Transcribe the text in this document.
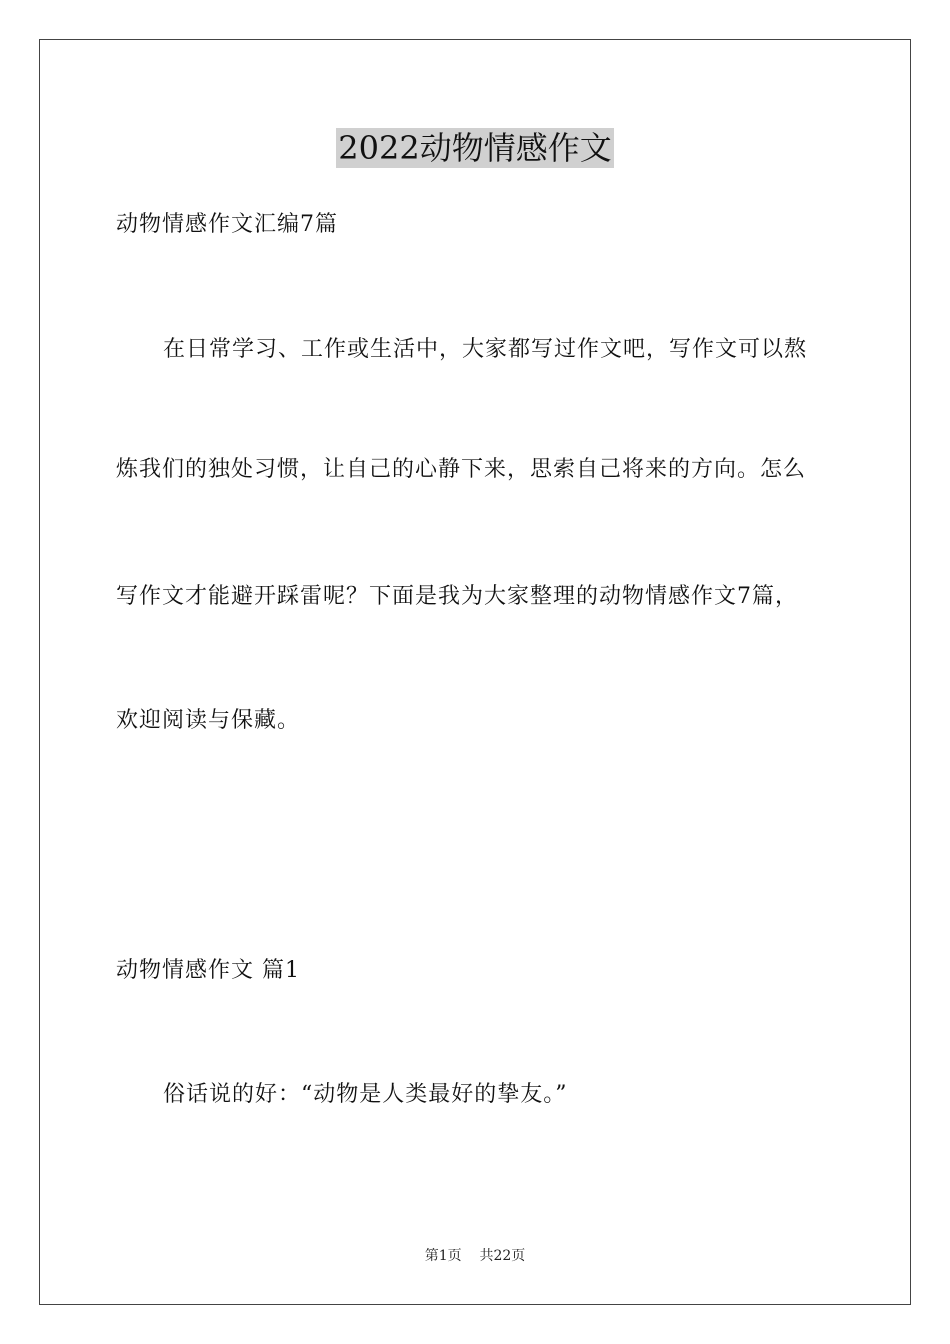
2022动物情感作文
动物情感作文汇编7篇
在日常学习、工作或生活中，大家都写过作文吧，写作文可以熬
炼我们的独处习惯，让自己的心静下来，思索自己将来的方向。怎么
写作文才能避开踩雷呢？下面是我为大家整理的动物情感作文7篇，
欢迎阅读与保藏。
动物情感作文 篇1
俗话说的好：“动物是人类最好的挚友。”
第1页 共22页
